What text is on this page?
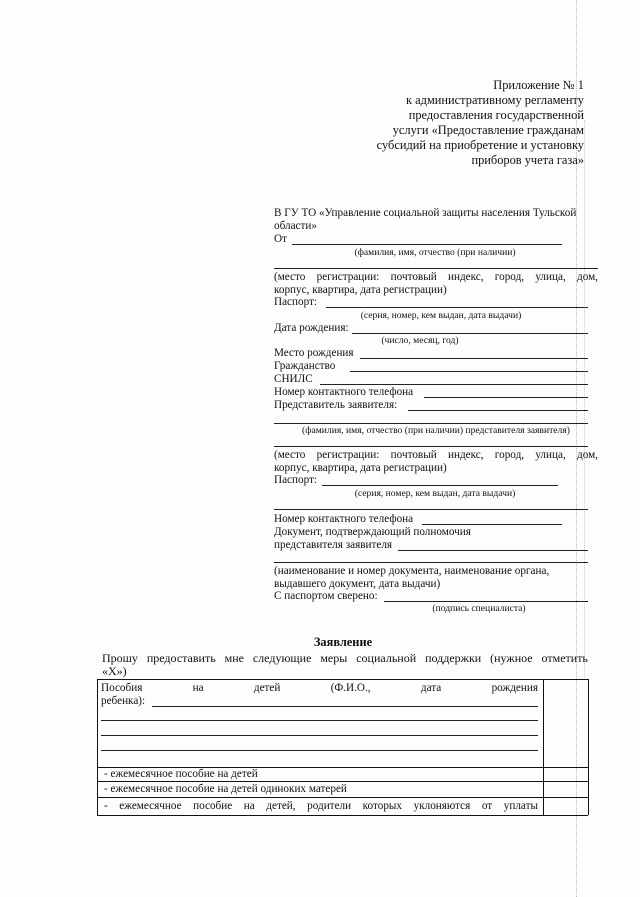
Приложение № 1
к административному регламенту
предоставления государственной
услуги «Предоставление гражданам
субсидий на приобретение и установку
приборов учета газа»
В ГУ ТО «Управление социальной защиты населения Тульской
области»
От
(фамилия, имя, отчество (при наличии)
(место регистрации: почтовый индекс, город, улица, дом,
корпус, квартира, дата регистрации)
Паспорт:
(серия, номер, кем выдан, дата выдачи)
Дата рождения:
(число, месяц, год)
Место рождения
Гражданство
СНИЛС
Номер контактного телефона
Представитель заявителя:
(фамилия, имя, отчество (при наличии) представителя заявителя)
(место регистрации: почтовый индекс, город, улица, дом,
корпус, квартира, дата регистрации)
Паспорт:
(серия, номер, кем выдан, дата выдачи)
Номер контактного телефона
Документ, подтверждающий полномочия
представителя заявителя
(наименование и номер документа, наименование органа,
выдавшего документ, дата выдачи)
С паспортом сверено:
(подпись специалиста)
Заявление
Прошу предоставить мне следующие меры социальной поддержки (нужное отметить
«Х»)
Пособия	на	детей	(Ф.И.О.,	дата	рождения
ребенка):
- ежемесячное пособие на детей
- ежемесячное пособие на детей одиноких матерей
- ежемесячное пособие на детей, родители которых уклоняются от уплаты
